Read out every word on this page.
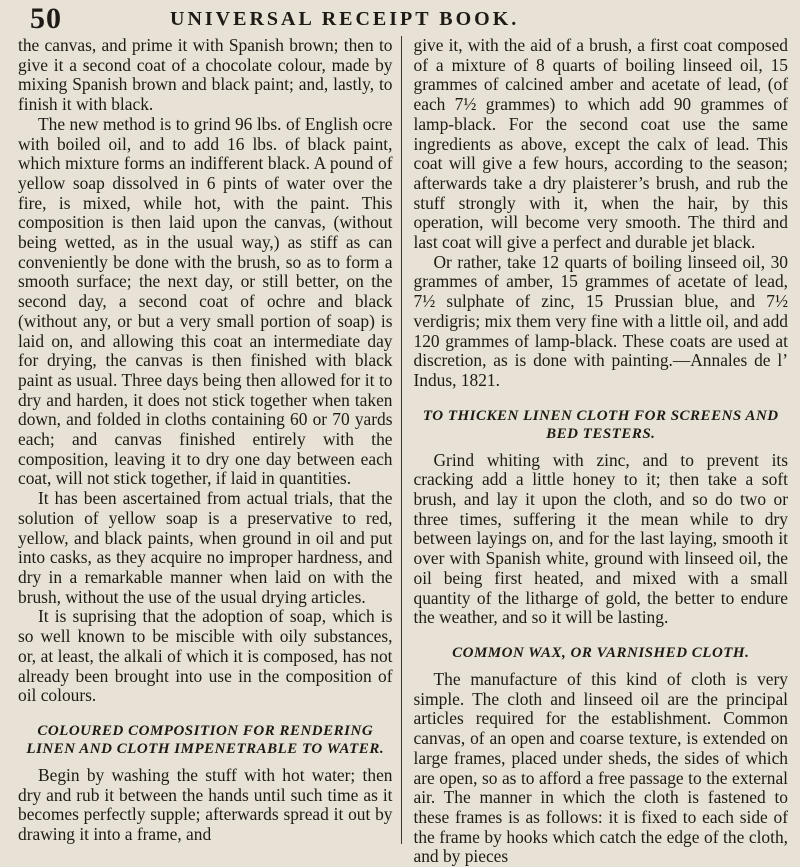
50	UNIVERSAL RECEIPT BOOK.

the canvas, and prime it with Spanish brown; then to give it a second coat of a chocolate colour, made by mixing Spanish brown and black paint; and, lastly, to finish it with black.

The new method is to grind 96 lbs. of English ocre with boiled oil, and to add 16 lbs. of black paint, which mixture forms an indifferent black. A pound of yellow soap dissolved in 6 pints of water over the fire, is mixed, while hot, with the paint. This composition is then laid upon the canvas, (without being wetted, as in the usual way,) as stiff as can conveniently be done with the brush, so as to form a smooth surface; the next day, or still better, on the second day, a second coat of ochre and black (without any, or but a very small portion of soap) is laid on, and allowing this coat an intermediate day for drying, the canvas is then finished with black paint as usual. Three days being then allowed for it to dry and harden, it does not stick together when taken down, and folded in cloths containing 60 or 70 yards each; and canvas finished entirely with the composition, leaving it to dry one day between each coat, will not stick together, if laid in quantities.

It has been ascertained from actual trials, that the solution of yellow soap is a preservative to red, yellow, and black paints, when ground in oil and put into casks, as they acquire no improper hardness, and dry in a remarkable manner when laid on with the brush, without the use of the usual drying articles.

It is suprising that the adoption of soap, which is so well known to be miscible with oily substances, or, at least, the alkali of which it is composed, has not already been brought into use in the composition of oil colours.

COLOURED COMPOSITION FOR RENDERING LINEN AND CLOTH IMPENETRABLE TO WATER.

Begin by washing the stuff with hot water; then dry and rub it between the hands until such time as it becomes perfectly supple; afterwards spread it out by drawing it into a frame, and

give it, with the aid of a brush, a first coat composed of a mixture of 8 quarts of boiling linseed oil, 15 grammes of calcined amber and acetate of lead, (of each 7½ grammes) to which add 90 grammes of lamp-black. For the second coat use the same ingredients as above, except the calx of lead. This coat will give a few hours, according to the season; afterwards take a dry plaisterer’s brush, and rub the stuff strongly with it, when the hair, by this operation, will become very smooth. The third and last coat will give a perfect and durable jet black.

Or rather, take 12 quarts of boiling linseed oil, 30 grammes of amber, 15 grammes of acetate of lead, 7½ sulphate of zinc, 15 Prussian blue, and 7½ verdigris; mix them very fine with a little oil, and add 120 grammes of lamp-black. These coats are used at discretion, as is done with painting.—Annales de l’ Indus, 1821.

TO THICKEN LINEN CLOTH FOR SCREENS AND BED TESTERS.

Grind whiting with zinc, and to prevent its cracking add a little honey to it; then take a soft brush, and lay it upon the cloth, and so do two or three times, suffering it the mean while to dry between layings on, and for the last laying, smooth it over with Spanish white, ground with linseed oil, the oil being first heated, and mixed with a small quantity of the litharge of gold, the better to endure the weather, and so it will be lasting.

COMMON WAX, OR VARNISHED CLOTH.

The manufacture of this kind of cloth is very simple. The cloth and linseed oil are the principal articles required for the establishment. Common canvas, of an open and coarse texture, is extended on large frames, placed under sheds, the sides of which are open, so as to afford a free passage to the external air. The manner in which the cloth is fastened to these frames is as follows: it is fixed to each side of the frame by hooks which catch the edge of the cloth, and by pieces
